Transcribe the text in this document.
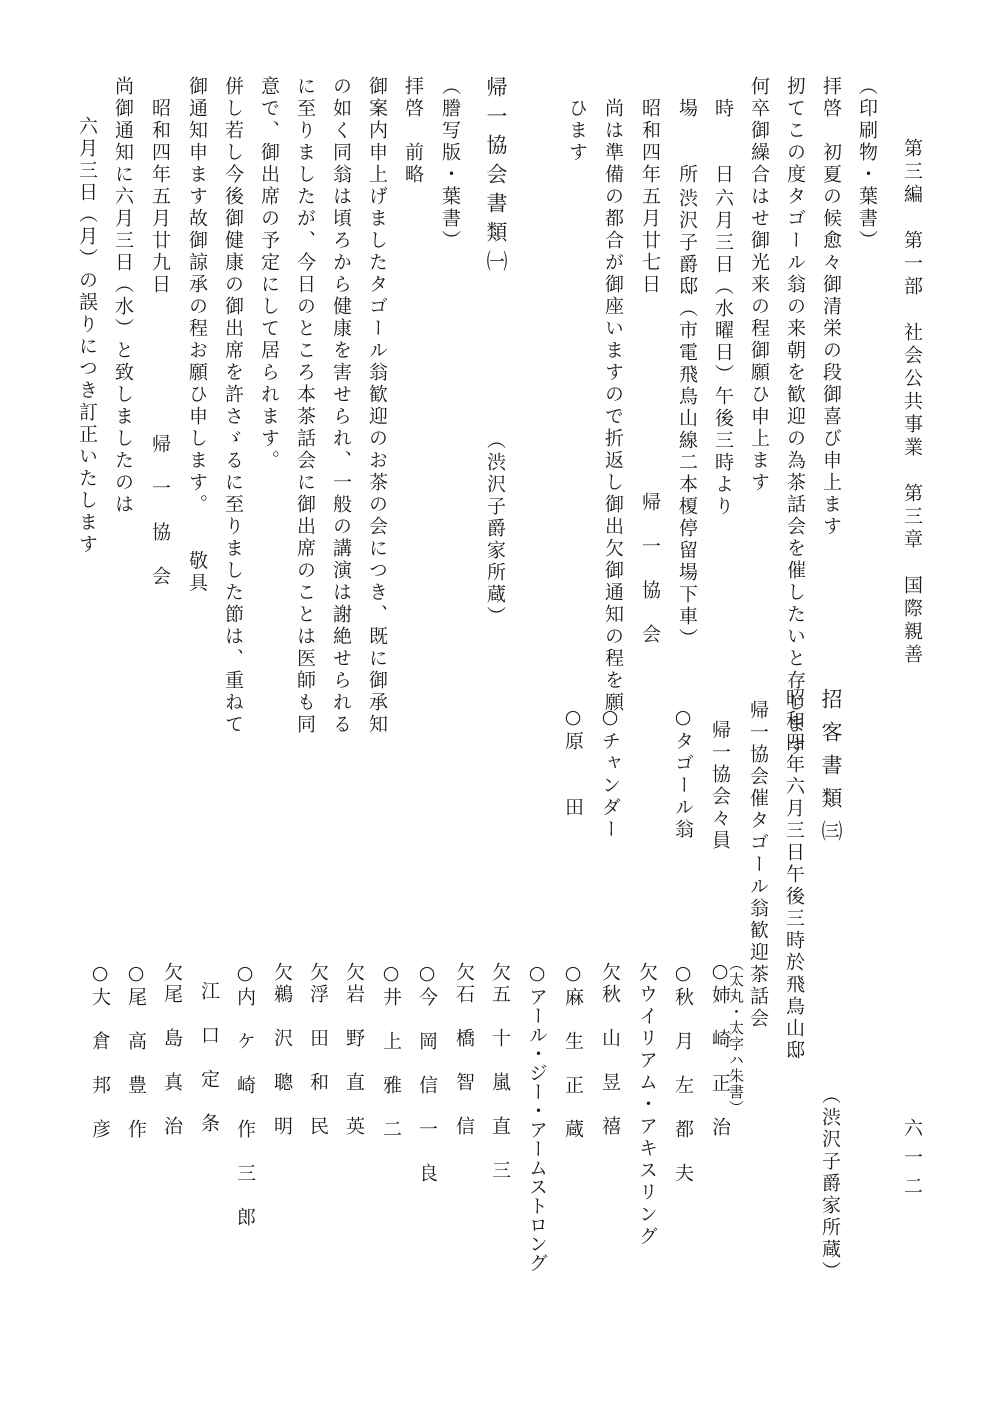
第三編　第一部　社会公共事業　第三章　国際親善
六一二
（印刷物・葉書）
拝啓　初夏の候愈々御清栄の段御喜び申上ます
扨てこの度タゴール翁の来朝を歓迎の為茶話会を催したいと存じます
何卒御繰合はせ御光来の程御願ひ申上ます
時　　日
六月三日（水曜日）午後三時より
場　　所
渋沢子爵邸（市電飛鳥山線二本榎停留場下車）
昭和四年五月廿七日
帰　一　協　会
尚は準備の都合が御座いますので折返し御出欠御通知の程を願
ひます
帰一協会書類㈠
（渋沢子爵家所蔵）
（謄写版・葉書）
拝啓　前略
御案内申上げましたタゴール翁歓迎のお茶の会につき、既に御承知
の如く同翁は頃ろから健康を害せられ、一般の講演は謝絶せられる
に至りましたが、今日のところ本茶話会に御出席のことは医師も同
意で、御出席の予定にして居られます。
併し若し今後御健康の御出席を許さゞるに至りました節は、重ねて
御通知申ます故御諒承の程お願ひ申します。　　敬具
昭和四年五月廿九日
帰　一　協　会
尚御通知に六月三日（水）と致しましたのは
六月三日（月）の誤りにつき訂正いたします
招客書類㈢
（渋沢子爵家所蔵）
昭和四年六月三日午後三時於飛鳥山邸
帰一協会催タゴール翁歓迎茶話会
（太丸・太字ハ朱書）
帰一協会々員
○タゴール翁
○チャンダー
○原　　田
○姉　崎　正　治
○秋　月　左　都　夫
欠ウイリアム・アキスリング
欠秋　山　昱　禧
○麻　生　正　蔵
○アール・ジー・アームストロング
欠五　十　嵐　直　三
欠石　橋　智　信
○今　岡　信　一　良
○井　上　雅　二
欠岩　野　直　英
欠浮　田　和　民
欠鵜　沢　聰　明
○内　ケ　崎　作　三　郎
江　口　定　条
欠尾　島　真　治
○尾　高　豊　作
○大　倉　邦　彦
